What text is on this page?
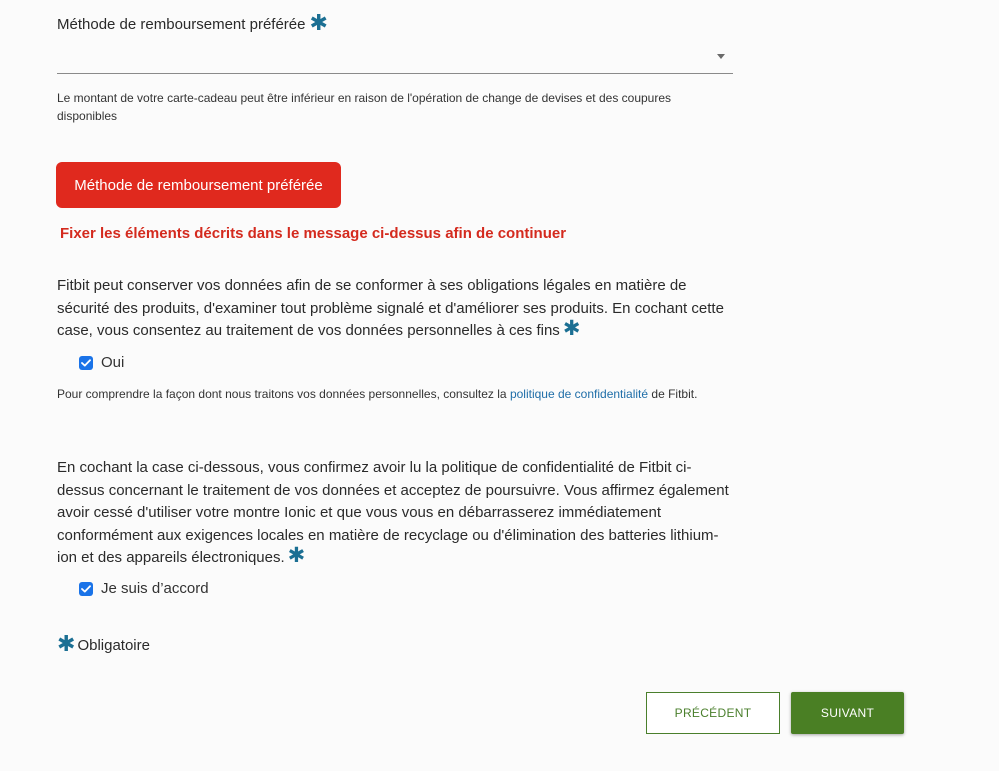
Méthode de remboursement préférée ✱
Le montant de votre carte-cadeau peut être inférieur en raison de l'opération de change de devises et des coupures disponibles
Méthode de remboursement préférée
Fixer les éléments décrits dans le message ci-dessus afin de continuer
Fitbit peut conserver vos données afin de se conformer à ses obligations légales en matière de sécurité des produits, d'examiner tout problème signalé et d'améliorer ses produits. En cochant cette case, vous consentez au traitement de vos données personnelles à ces fins ✱
Oui
Pour comprendre la façon dont nous traitons vos données personnelles, consultez la politique de confidentialité de Fitbit.
En cochant la case ci-dessous, vous confirmez avoir lu la politique de confidentialité de Fitbit ci-dessus concernant le traitement de vos données et acceptez de poursuivre. Vous affirmez également avoir cessé d'utiliser votre montre Ionic et que vous vous en débarrasserez immédiatement conformément aux exigences locales en matière de recyclage ou d'élimination des batteries lithium-ion et des appareils électroniques. ✱
Je suis d’accord
✱ Obligatoire
PRÉCÉDENT	SUIVANT
